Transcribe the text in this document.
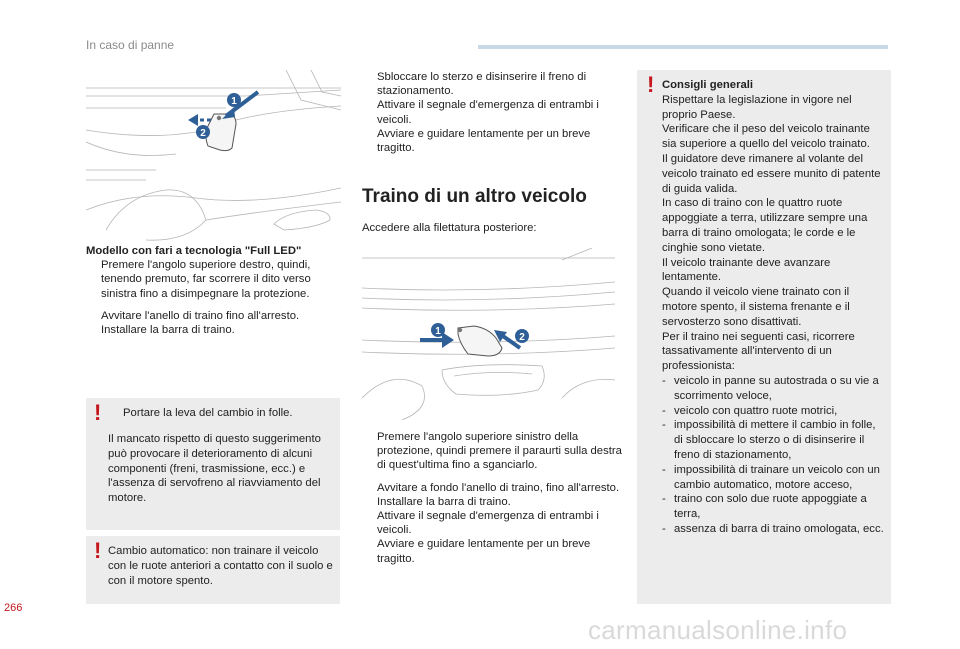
In caso di panne
1
2

Modello con fari a tecnologia "Full LED"

Premere l'angolo superiore destro, quindi, tenendo premuto, far scorrere il dito verso sinistra fino a disimpegnare la protezione.
Avvitare l'anello di traino fino all'arresto.
Installare la barra di traino.
! Portare la leva del cambio in folle.

Il mancato rispetto di questo suggerimento può provocare il deterioramento di alcuni componenti (freni, trasmissione, ecc.) e l'assenza di servofreno al riavviamento del motore.

! Cambio automatico: non trainare il veicolo con le ruote anteriori a contatto con il suolo e con il motore spento.

Sbloccare lo sterzo e disinserire il freno di stazionamento.
Attivare il segnale d'emergenza di entrambi i veicoli.
Avviare e guidare lentamente per un breve tragitto.
Traino di un altro veicolo
Accedere alla filettatura posteriore:
1
2
Premere l'angolo superiore sinistro della protezione, quindi premere il paraurti sulla destra di quest'ultima fino a sganciarlo.
Avvitare a fondo l'anello di traino, fino all'arresto.
Installare la barra di traino.
Attivare il segnale d'emergenza di entrambi i veicoli.
Avviare e guidare lentamente per un breve tragitto.
! Consigli generali

Rispettare la legislazione in vigore nel proprio Paese.

Verificare che il peso del veicolo trainante sia superiore a quello del veicolo trainato.

Il guidatore deve rimanere al volante del veicolo trainato ed essere munito di patente di guida valida.

In caso di traino con le quattro ruote appoggiate a terra, utilizzare sempre una barra di traino omologata; le corde e le cinghie sono vietate.

Il veicolo trainante deve avanzare lentamente.

Quando il veicolo viene trainato con il motore spento, il sistema frenante e il servosterzo sono disattivati.

Per il traino nei seguenti casi, ricorrere tassativamente all'intervento di un professionista:

- veicolo in panne su autostrada o su vie a scorrimento veloce,
- veicolo con quattro ruote motrici,
- impossibilità di mettere il cambio in folle, di sbloccare lo sterzo o di disinserire il freno di stazionamento,
- impossibilità di trainare un veicolo con un cambio automatico, motore acceso,
- traino con solo due ruote appoggiate a terra,
- assenza di barra di traino omologata, ecc.
266
carmanualsonline.info
